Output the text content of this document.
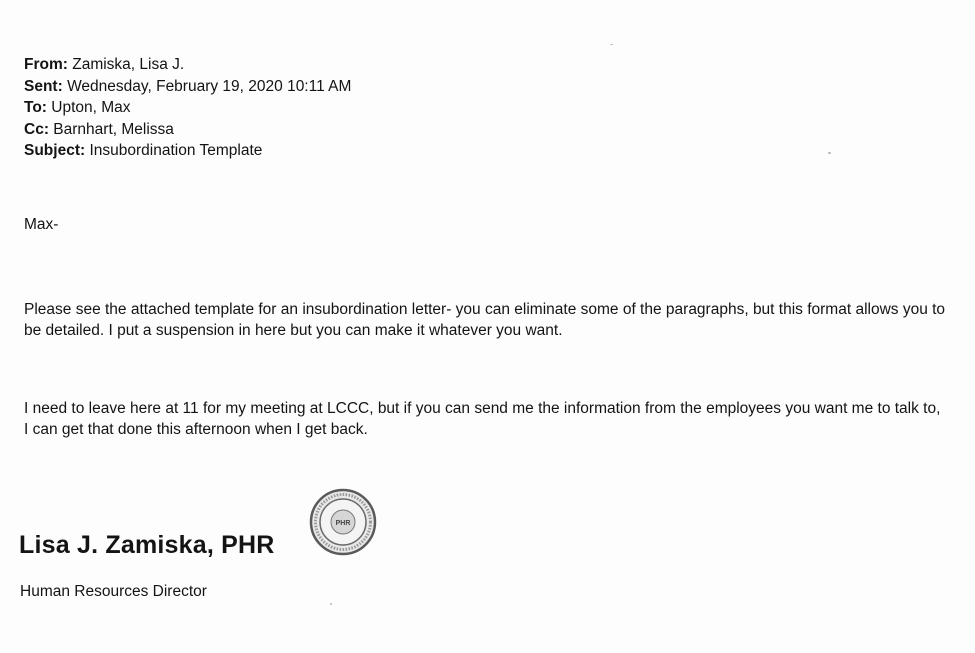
From: Zamiska, Lisa J.
Sent: Wednesday, February 19, 2020 10:11 AM
To: Upton, Max
Cc: Barnhart, Melissa
Subject: Insubordination Template
Max-
Please see the attached template for an insubordination letter- you can eliminate some of the paragraphs, but this format allows you to be detailed. I put a suspension in here but you can make it whatever you want.
I need to leave here at 11 for my meeting at LCCC, but if you can send me the information from the employees you want me to talk to, I can get that done this afternoon when I get back.
Lisa J. Zamiska, PHR
PHR
Human Resources Director
